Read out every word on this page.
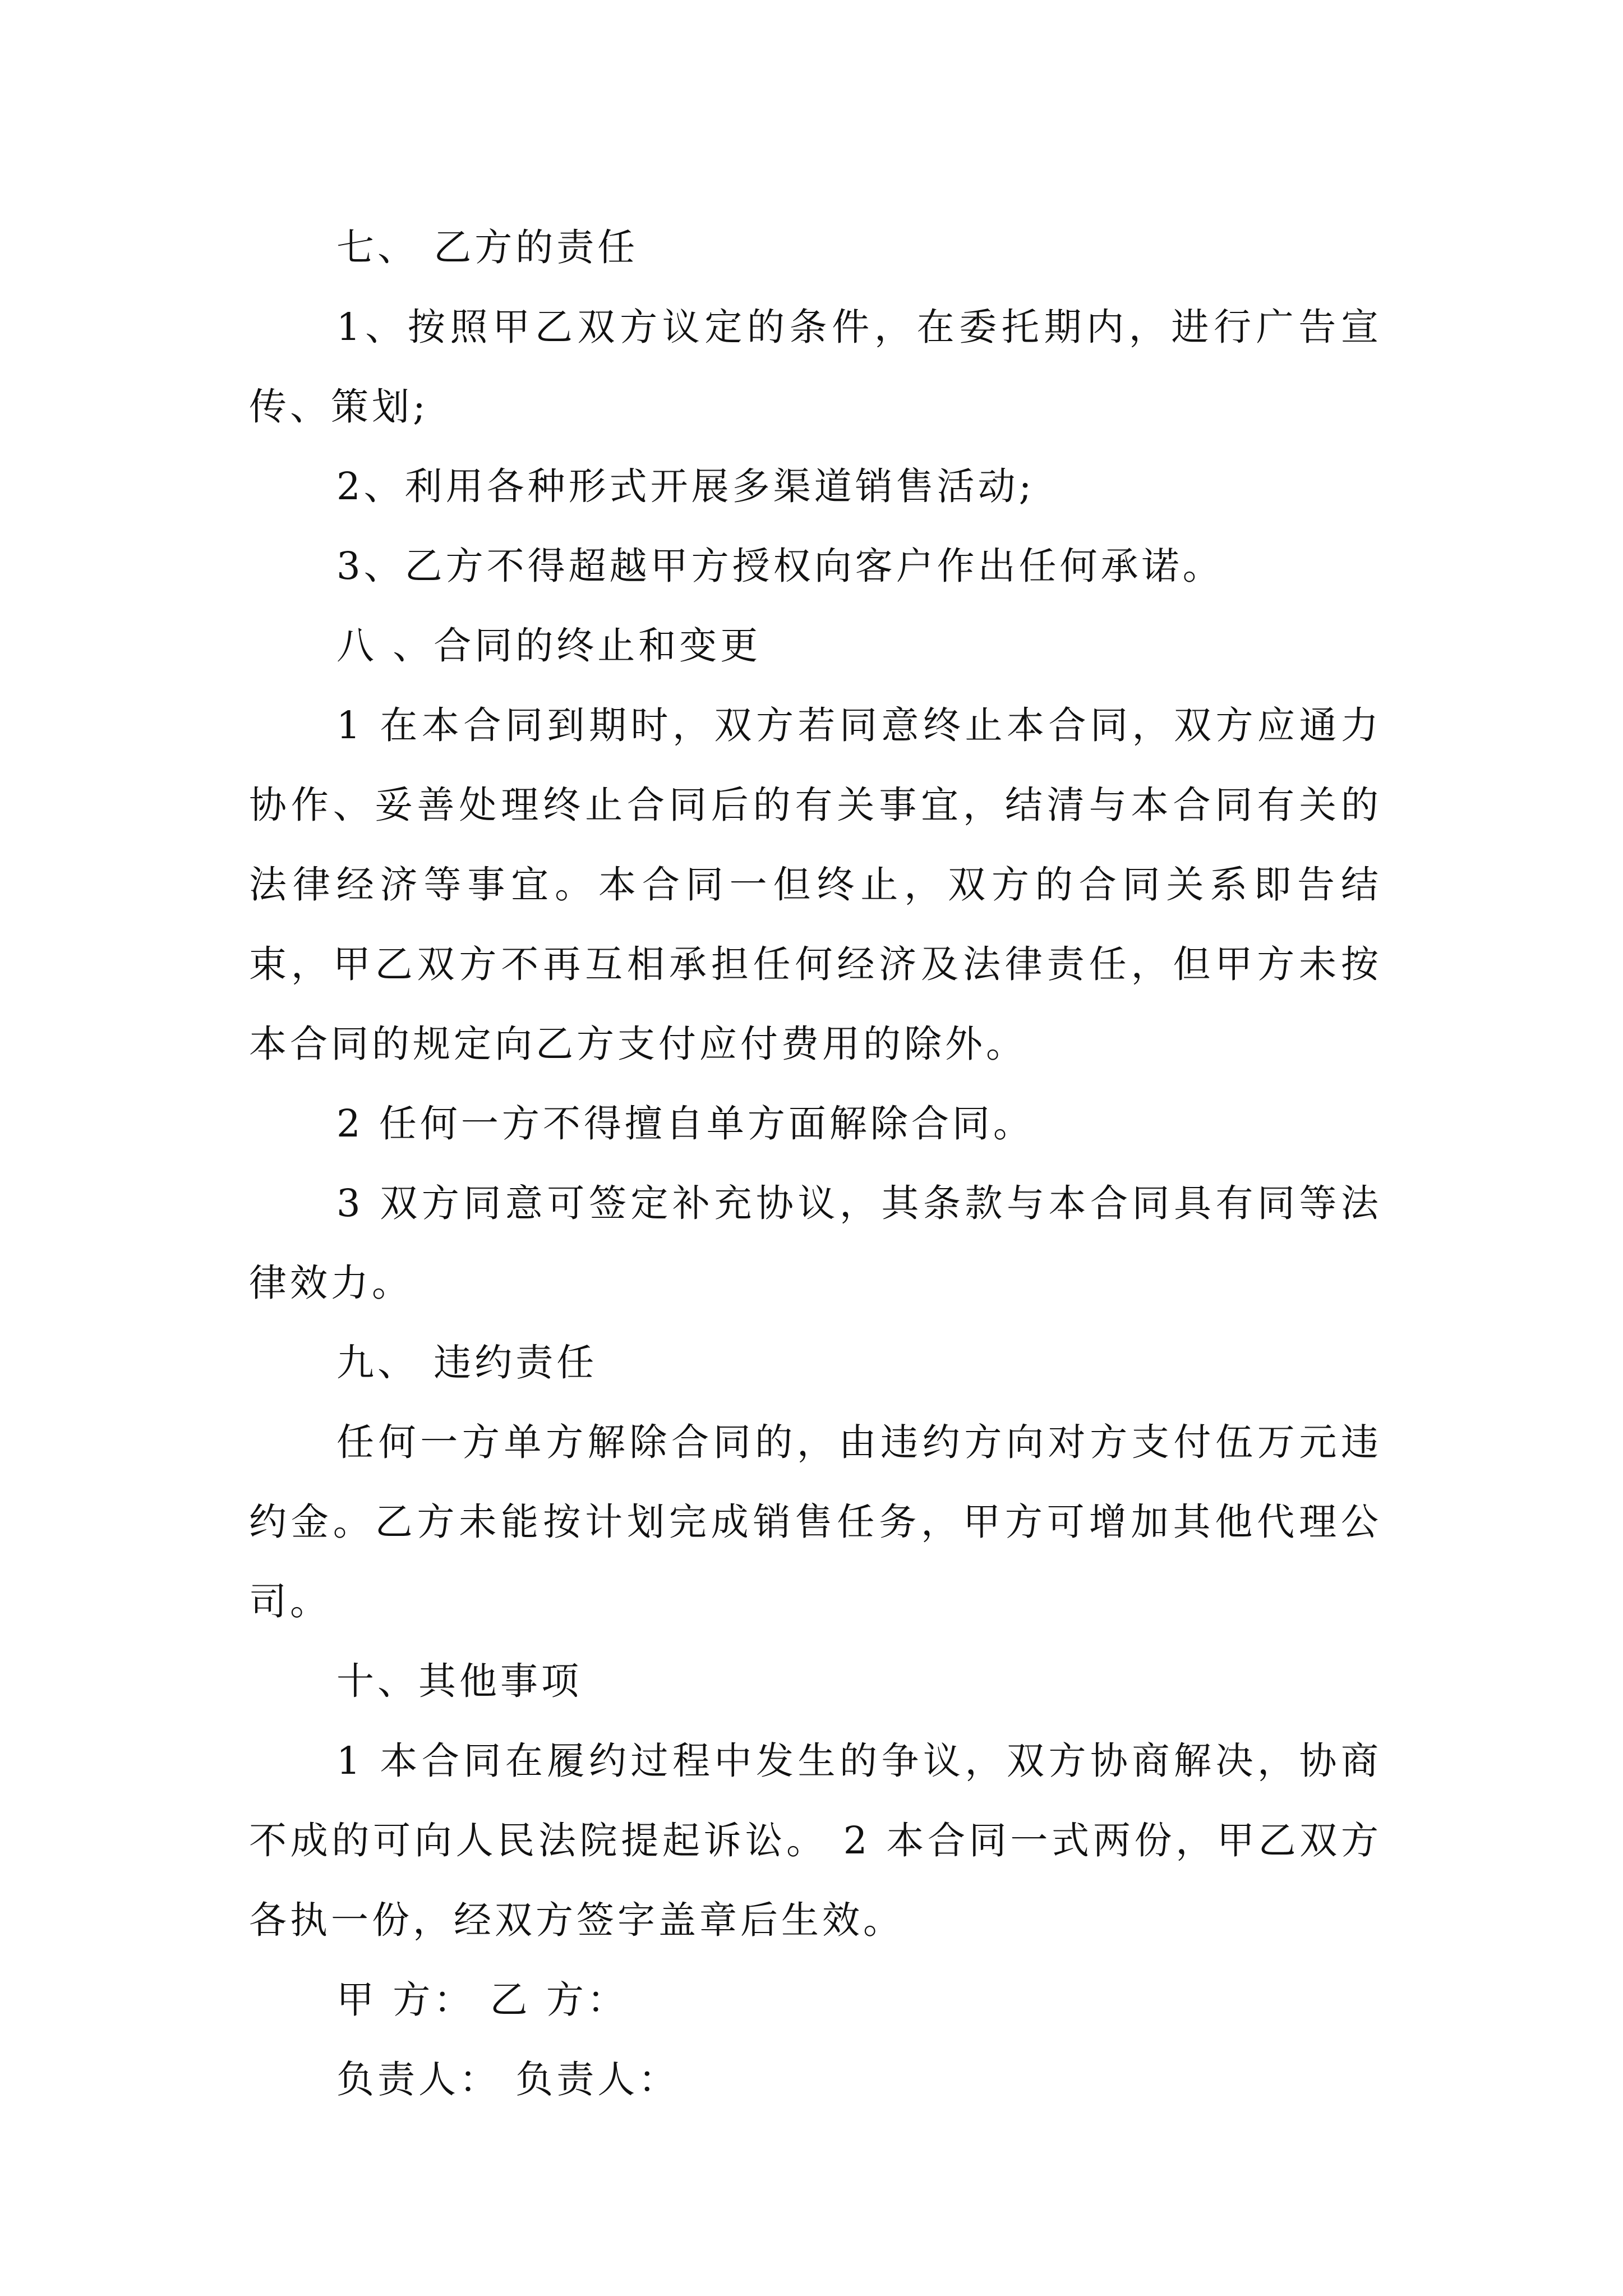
七、 乙方的责任

1、按照甲乙双方议定的条件，在委托期内，进行广告宣传、策划;

2、利用各种形式开展多渠道销售活动;

3、乙方不得超越甲方授权向客户作出任何承诺。

八 、合同的终止和变更

1 在本合同到期时，双方若同意终止本合同，双方应通力协作、妥善处理终止合同后的有关事宜，结清与本合同有关的法律经济等事宜。本合同一但终止，双方的合同关系即告结束，甲乙双方不再互相承担任何经济及法律责任，但甲方未按本合同的规定向乙方支付应付费用的除外。

2 任何一方不得擅自单方面解除合同。

3 双方同意可签定补充协议，其条款与本合同具有同等法律效力。

九、 违约责任

任何一方单方解除合同的，由违约方向对方支付伍万元违约金。乙方未能按计划完成销售任务，甲方可增加其他代理公司。

十、其他事项

1 本合同在履约过程中发生的争议，双方协商解决，协商不成的可向人民法院提起诉讼。 2 本合同一式两份，甲乙双方各执一份，经双方签字盖章后生效。

甲 方： 乙 方：

负责人： 负责人：
